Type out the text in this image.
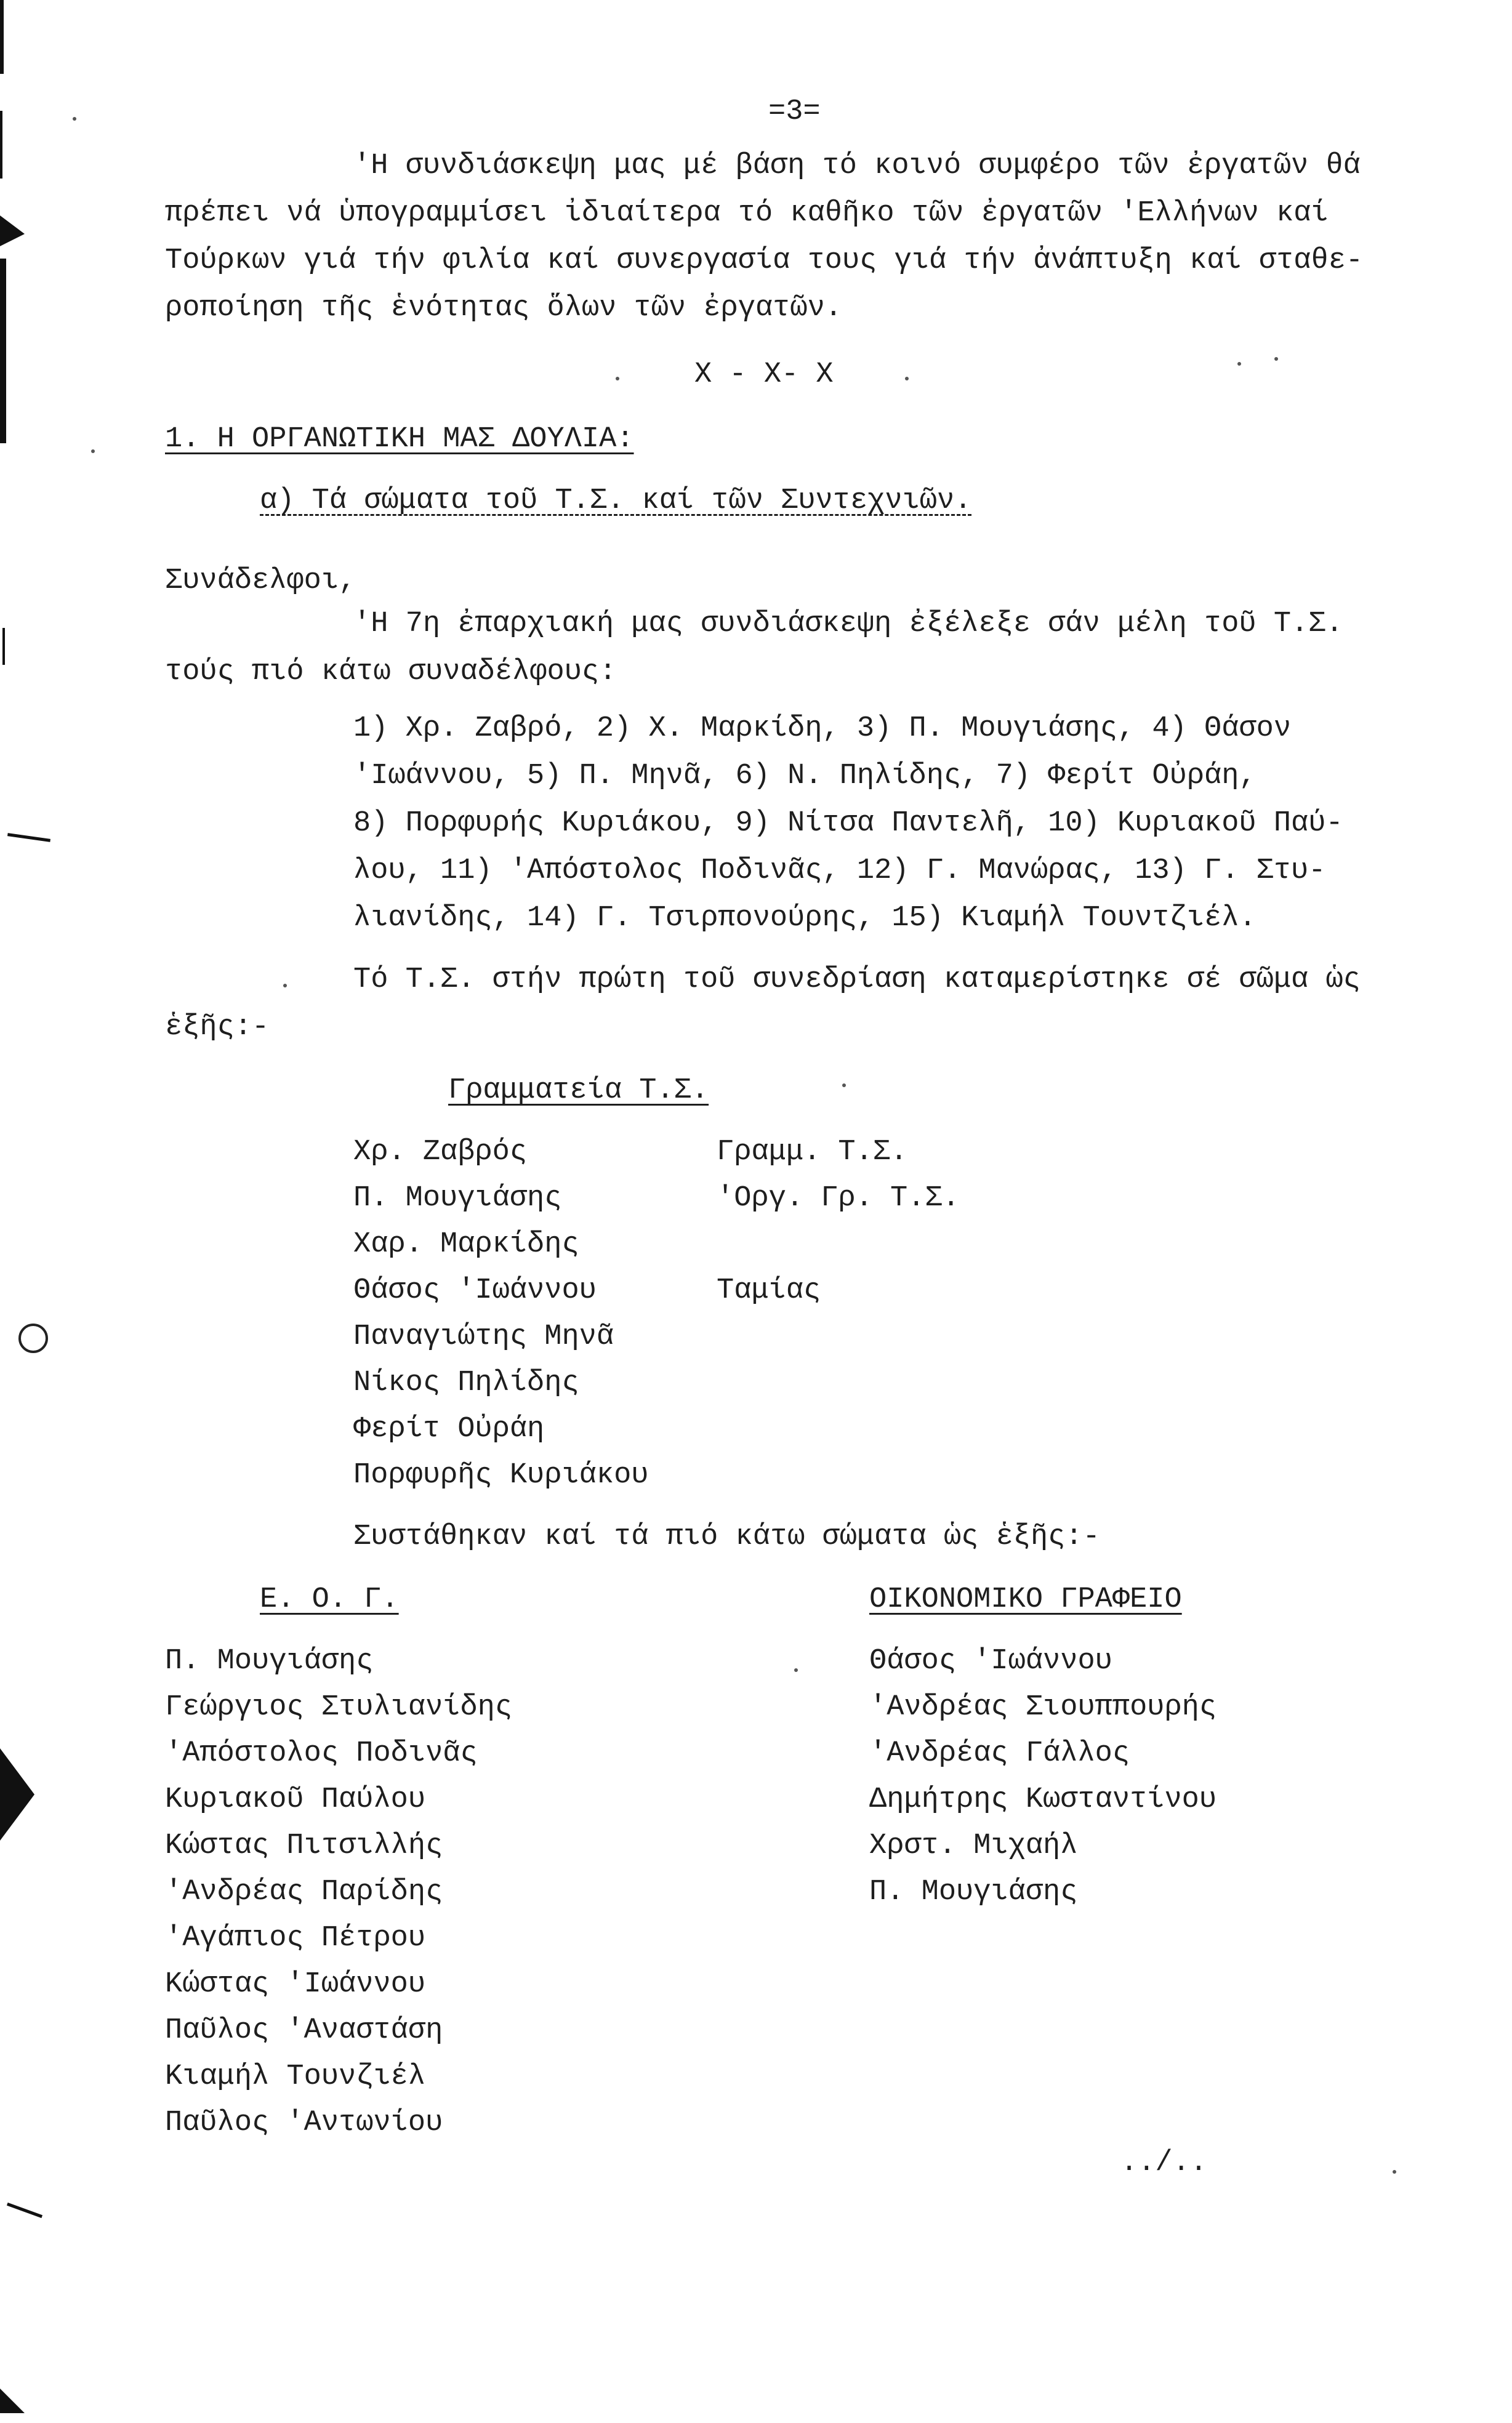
=3=
'Η συνδιάσκεψη μας μέ βάση τό κοινό συμφέρο τῶν ἐργατῶν θά
πρέπει νά ὑπογραμμίσει ἰδιαίτερα τό καθῆκο τῶν ἐργατῶν 'Ελλήνων καί
Τούρκων γιά τήν φιλία καί συνεργασία τους γιά τήν ἀνάπτυξη καί σταθε-
ροποίηση τῆς ἑνότητας ὅλων τῶν ἐργατῶν.
X - X- X
1. Η ΟΡΓΑΝΩΤΙΚΗ ΜΑΣ ΔΟΥΛΙΑ:
α) Τά σώματα τοῦ Τ.Σ. καί τῶν Συντεχνιῶν.
Συνάδελφοι,
'Η 7η ἐπαρχιακή μας συνδιάσκεψη ἐξέλεξε σάν μέλη τοῦ Τ.Σ.
τούς πιό κάτω συναδέλφους:
1) Χρ. Ζαβρό, 2) Χ. Μαρκίδη, 3) Π. Μουγιάσης, 4) Θάσον
'Ιωάννου, 5) Π. Μηνᾶ, 6) Ν. Πηλίδης, 7) Φερίτ Οὐράη,
8) Πορφυρής Κυριάκου, 9) Νίτσα Παντελῆ, 10) Κυριακοῦ Παύ-
λου, 11) 'Απόστολος Ποδινᾶς, 12) Γ. Μανώρας, 13) Γ. Στυ-
λιανίδης, 14) Γ. Τσιρπονούρης, 15) Κιαμήλ Τουντζιέλ.
Τό Τ.Σ. στήν πρώτη τοῦ συνεδρίαση καταμερίστηκε σέ σῶμα ὡς
ἑξῆς:-
Γραμματεία Τ.Σ.
Χρ. Ζαβρός	Γραμμ. Τ.Σ.
Π. Μουγιάσης	'Οργ. Γρ. Τ.Σ.
Χαρ. Μαρκίδης
Θάσος 'Ιωάννου	Ταμίας
Παναγιώτης Μηνᾶ
Νίκος Πηλίδης
Φερίτ Οὐράη
Πορφυρῆς Κυριάκου
Συστάθηκαν καί τά πιό κάτω σώματα ὡς ἑξῆς:-
Ε. Ο. Γ.
Π. Μουγιάσης
Γεώργιος Στυλιανίδης
'Απόστολος Ποδινᾶς
Κυριακοῦ Παύλου
Κώστας Πιτσιλλής
'Ανδρέας Παρίδης
'Αγάπιος Πέτρου
Κώστας 'Ιωάννου
Παῦλος 'Αναστάση
Κιαμήλ Τουνζιέλ
Παῦλος 'Αντωνίου
ΟΙΚΟΝΟΜΙΚΟ ΓΡΑΦΕΙΟ
Θάσος 'Ιωάννου
'Ανδρέας Σιουππουρής
'Ανδρέας Γάλλος
Δημήτρης Κωσταντίνου
Χρστ. Μιχαήλ
Π. Μουγιάσης
../..
